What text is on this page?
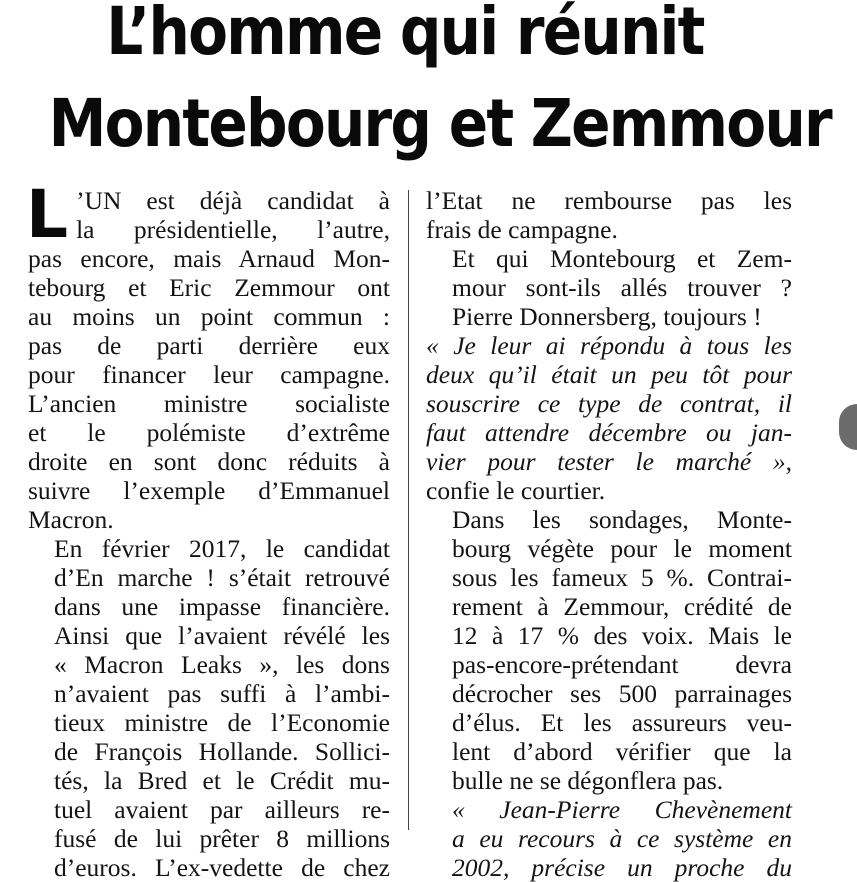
L’homme qui réunit
Montebourg et Zemmour

L ’UN est déjà candidat à
la présidentielle, l’autre,
pas encore, mais Arnaud Mon-
tebourg et Eric Zemmour ont
au moins un point commun :
pas de parti derrière eux
pour financer leur campagne.
L’ancien ministre socialiste
et le polémiste d’extrême
droite en sont donc réduits à
suivre l’exemple d’Emmanuel
Macron.

En février 2017, le candidat
d’En marche ! s’était retrouvé
dans une impasse financière.
Ainsi que l’avaient révélé les
« Macron Leaks », les dons
n’avaient pas suffi à l’ambi-
tieux ministre de l’Economie
de François Hollande. Sollici-
tés, la Bred et le Crédit mu-
tuel avaient par ailleurs re-
fusé de lui prêter 8 millions
d’euros. L’ex-vedette de chez

l’Etat ne rembourse pas les
frais de campagne.

Et qui Montebourg et Zem-
mour sont-ils allés trouver ?
Pierre Donnersberg, toujours !

« Je leur ai répondu à tous les
deux qu’il était un peu tôt pour
souscrire ce type de contrat, il
faut attendre décembre ou jan-
vier pour tester le marché »,
confie le courtier.

Dans les sondages, Monte-
bourg végète pour le moment
sous les fameux 5 %. Contrai-
rement à Zemmour, crédité de
12 à 17 % des voix. Mais le
pas-encore-prétendant devra
décrocher ses 500 parrainages
d’élus. Et les assureurs veu-
lent d’abord vérifier que la
bulle ne se dégonflera pas.

« Jean-Pierre Chevènement
a eu recours à ce système en
2002, précise un proche du
